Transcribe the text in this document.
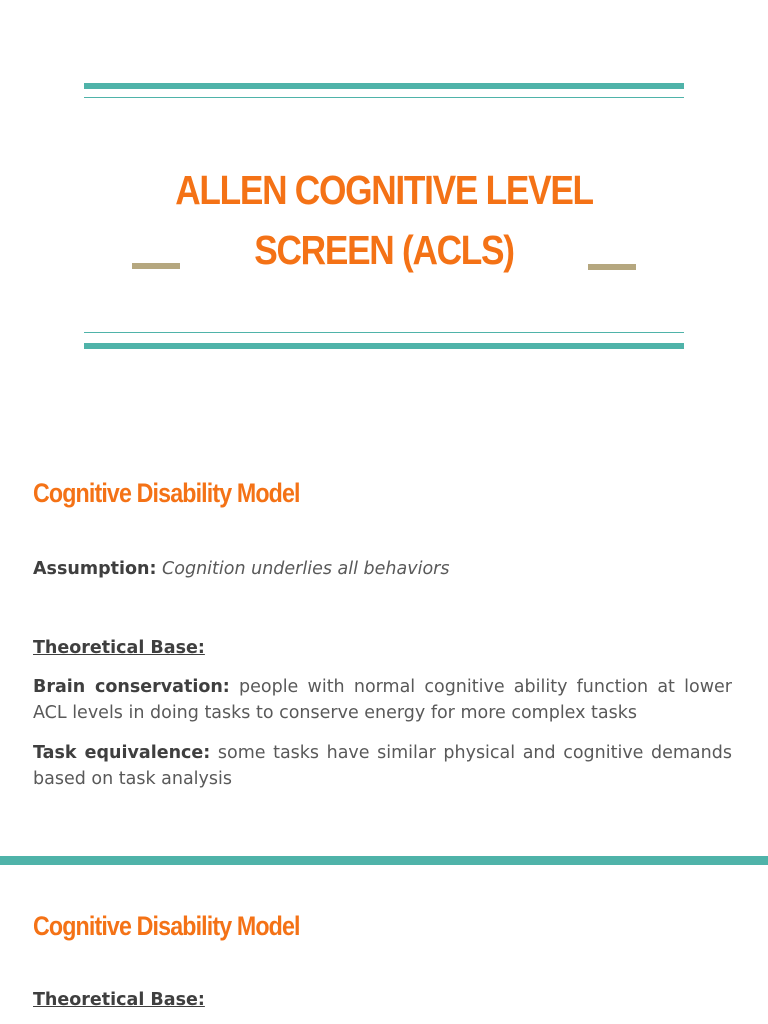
ALLEN COGNITIVE LEVEL
SCREEN (ACLS)
Cognitive Disability Model

Assumption: Cognition underlies all behaviors

Theoretical Base:

Brain conservation: people with normal cognitive ability function at lower ACL levels in doing tasks to conserve energy for more complex tasks

Task equivalence: some tasks have similar physical and cognitive demands based on task analysis

Cognitive Disability Model

Theoretical Base:
